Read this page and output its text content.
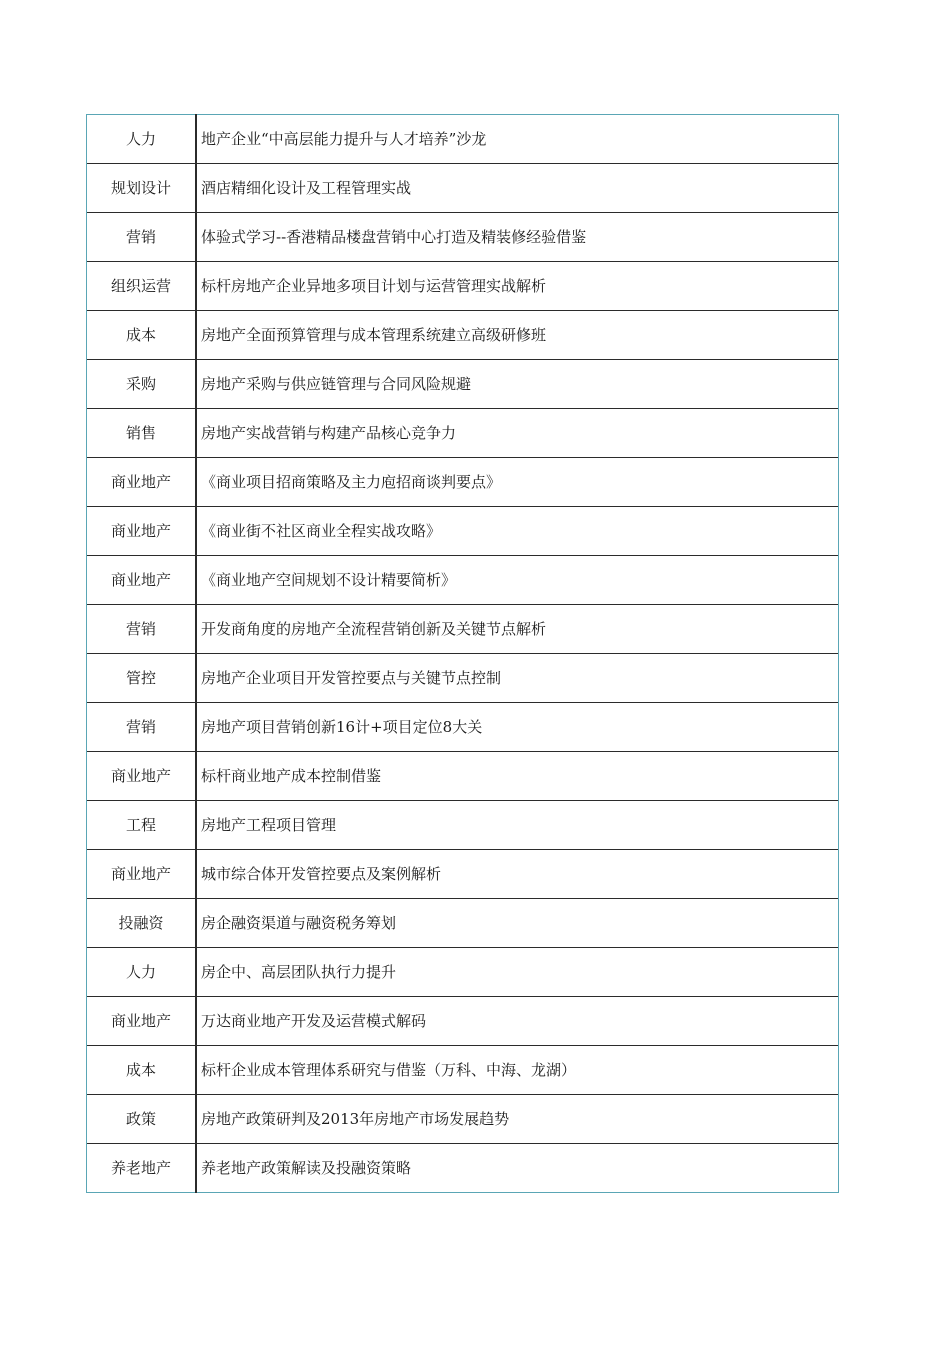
人力	地产企业“中高层能力提升与人才培养”沙龙
规划设计	酒店精细化设计及工程管理实战
营销	体验式学习--香港精品楼盘营销中心打造及精装修经验借鉴
组织运营	标杆房地产企业异地多项目计划与运营管理实战解析
成本	房地产全面预算管理与成本管理系统建立高级研修班
采购	房地产采购与供应链管理与合同风险规避
销售	房地产实战营销与构建产品核心竞争力
商业地产	《商业项目招商策略及主力庖招商谈判要点》
商业地产	《商业街不社区商业全程实战攻略》
商业地产	《商业地产空间规划不设计精要简析》
营销	开发商角度的房地产全流程营销创新及关键节点解析
管控	房地产企业项目开发管控要点与关键节点控制
营销	房地产项目营销创新16计+项目定位8大关
商业地产	标杆商业地产成本控制借鉴
工程	房地产工程项目管理
商业地产	城市综合体开发管控要点及案例解析
投融资	房企融资渠道与融资税务筹划
人力	房企中、高层团队执行力提升
商业地产	万达商业地产开发及运营模式解码
成本	标杆企业成本管理体系研究与借鉴（万科、中海、龙湖）
政策	房地产政策研判及2013年房地产市场发展趋势
养老地产	养老地产政策解读及投融资策略
